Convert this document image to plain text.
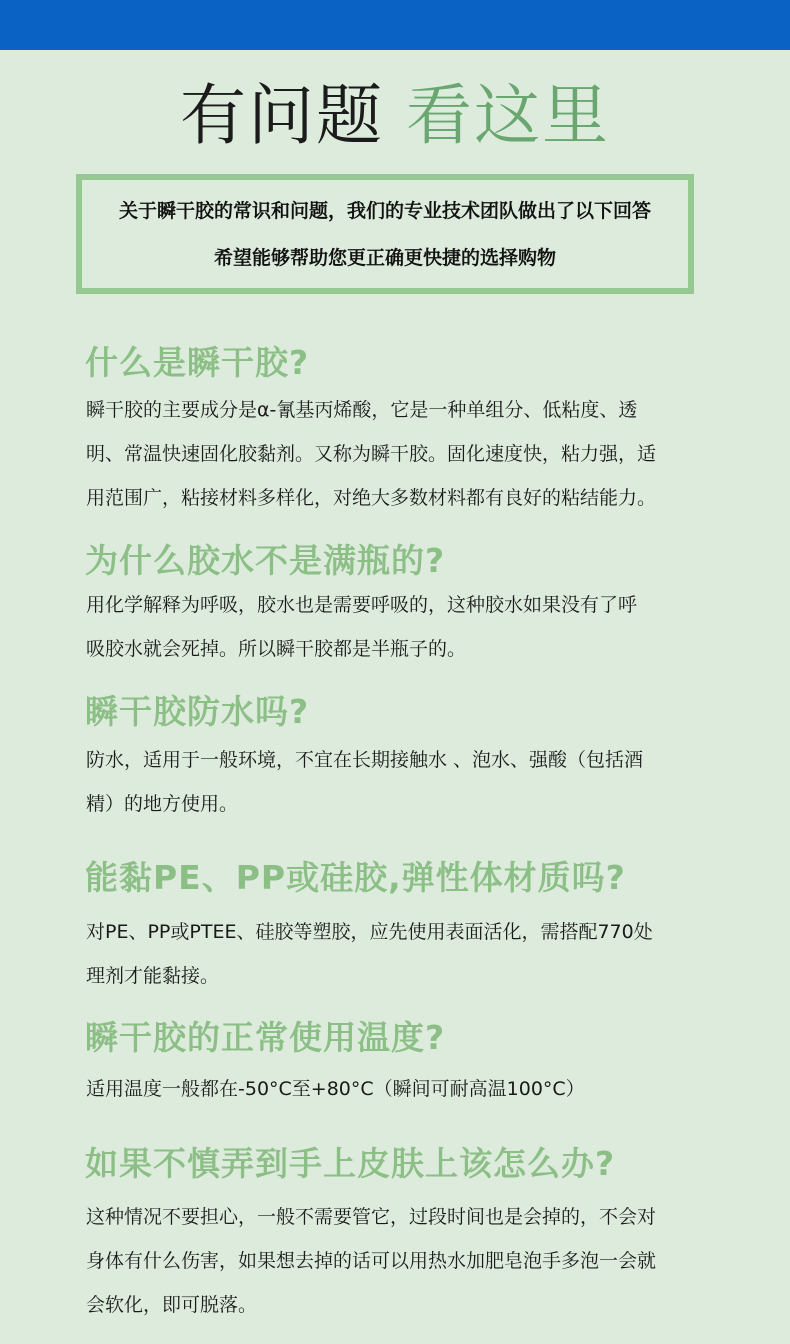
有问题 看这里
关于瞬干胶的常识和问题，我们的专业技术团队做出了以下回答
希望能够帮助您更正确更快捷的选择购物
什么是瞬干胶?
瞬干胶的主要成分是α-氰基丙烯酸，它是一种单组分、低粘度、透
明、常温快速固化胶黏剂。又称为瞬干胶。固化速度快，粘力强，适
用范围广，粘接材料多样化，对绝大多数材料都有良好的粘结能力。
为什么胶水不是满瓶的?
用化学解释为呼吸，胶水也是需要呼吸的，这种胶水如果没有了呼
吸胶水就会死掉。所以瞬干胶都是半瓶子的。
瞬干胶防水吗?
防水，适用于一般环境，不宜在长期接触水 、泡水、强酸（包括酒
精）的地方使用。
能黏PE、PP或硅胶,弹性体材质吗?
对PE、PP或PTEE、硅胶等塑胶，应先使用表面活化，需搭配770处
理剂才能黏接。
瞬干胶的正常使用温度?
适用温度一般都在-50°C至+80°C（瞬间可耐高温100°C）
如果不慎弄到手上皮肤上该怎么办?
这种情况不要担心，一般不需要管它，过段时间也是会掉的，不会对
身体有什么伤害，如果想去掉的话可以用热水加肥皂泡手多泡一会就
会软化，即可脱落。
